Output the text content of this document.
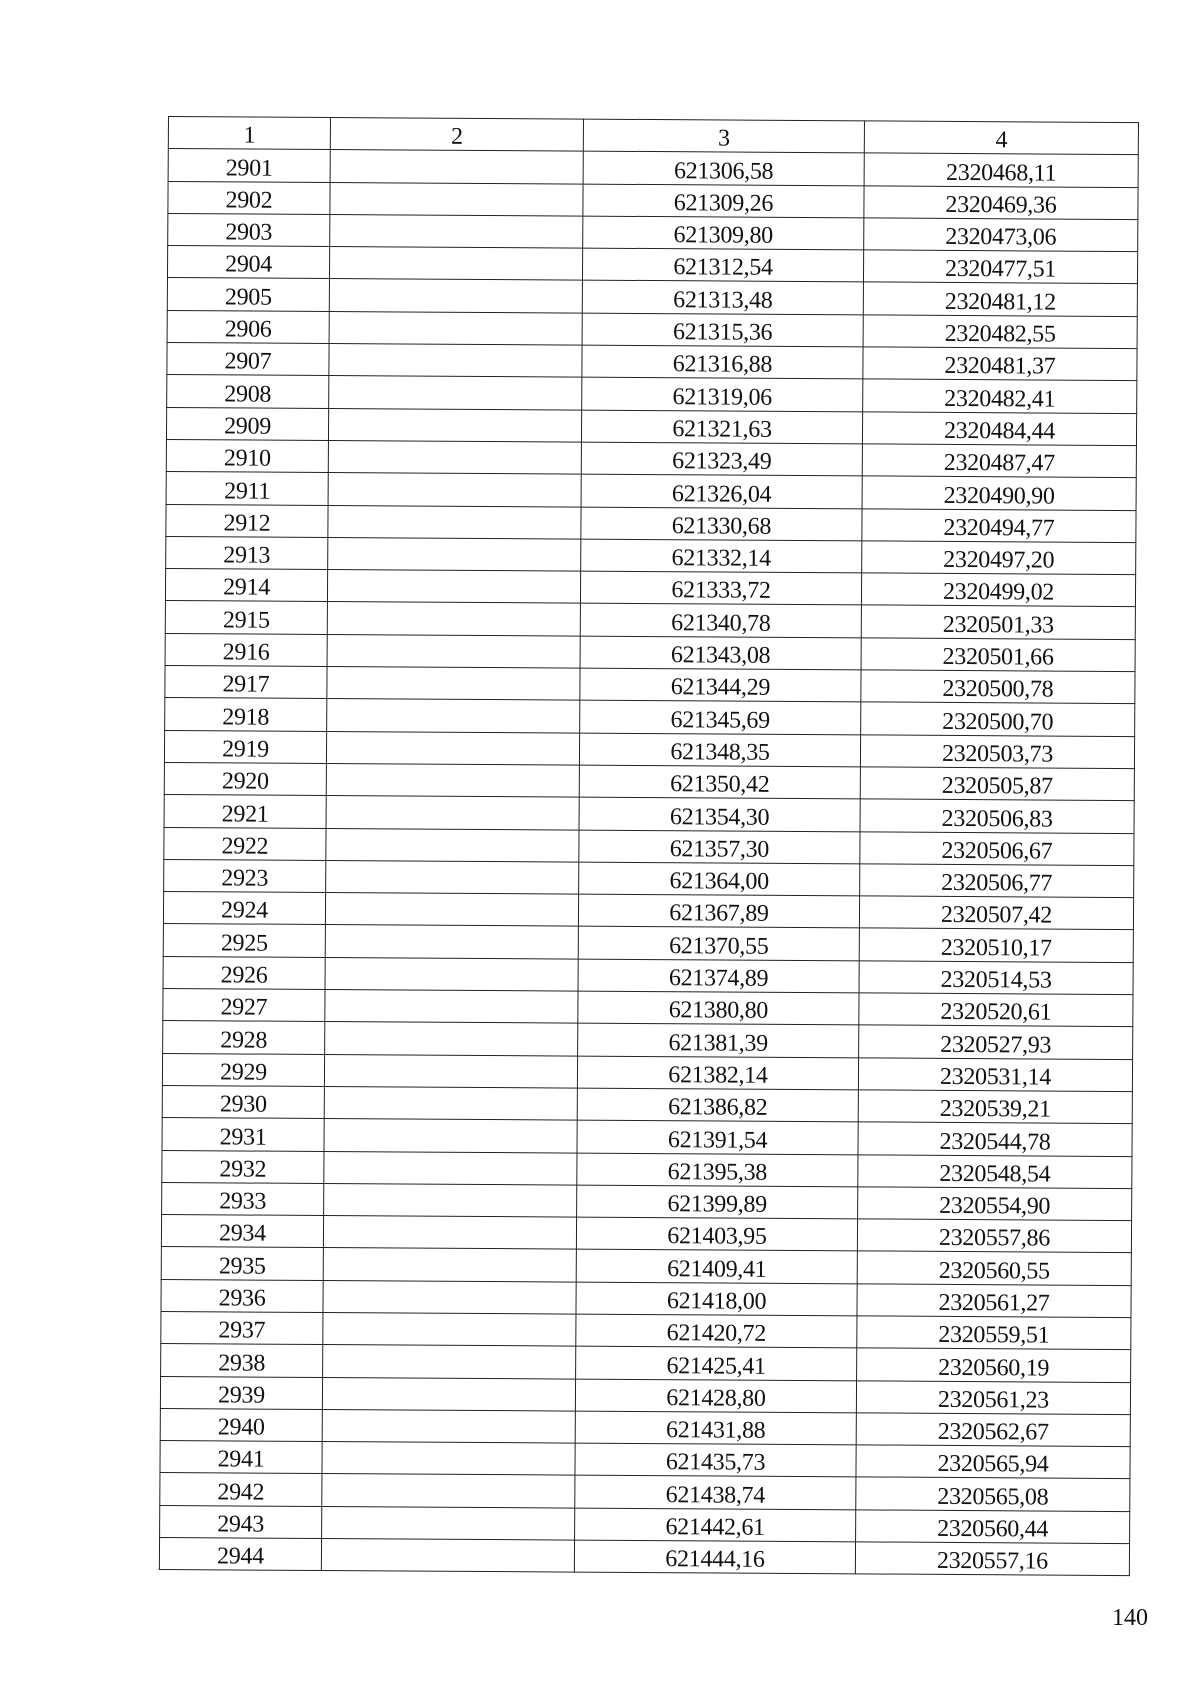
1	2	3	4
2901		621306,58	2320468,11
2902		621309,26	2320469,36
2903		621309,80	2320473,06
2904		621312,54	2320477,51
2905		621313,48	2320481,12
2906		621315,36	2320482,55
2907		621316,88	2320481,37
2908		621319,06	2320482,41
2909		621321,63	2320484,44
2910		621323,49	2320487,47
2911		621326,04	2320490,90
2912		621330,68	2320494,77
2913		621332,14	2320497,20
2914		621333,72	2320499,02
2915		621340,78	2320501,33
2916		621343,08	2320501,66
2917		621344,29	2320500,78
2918		621345,69	2320500,70
2919		621348,35	2320503,73
2920		621350,42	2320505,87
2921		621354,30	2320506,83
2922		621357,30	2320506,67
2923		621364,00	2320506,77
2924		621367,89	2320507,42
2925		621370,55	2320510,17
2926		621374,89	2320514,53
2927		621380,80	2320520,61
2928		621381,39	2320527,93
2929		621382,14	2320531,14
2930		621386,82	2320539,21
2931		621391,54	2320544,78
2932		621395,38	2320548,54
2933		621399,89	2320554,90
2934		621403,95	2320557,86
2935		621409,41	2320560,55
2936		621418,00	2320561,27
2937		621420,72	2320559,51
2938		621425,41	2320560,19
2939		621428,80	2320561,23
2940		621431,88	2320562,67
2941		621435,73	2320565,94
2942		621438,74	2320565,08
2943		621442,61	2320560,44
2944		621444,16	2320557,16
140
